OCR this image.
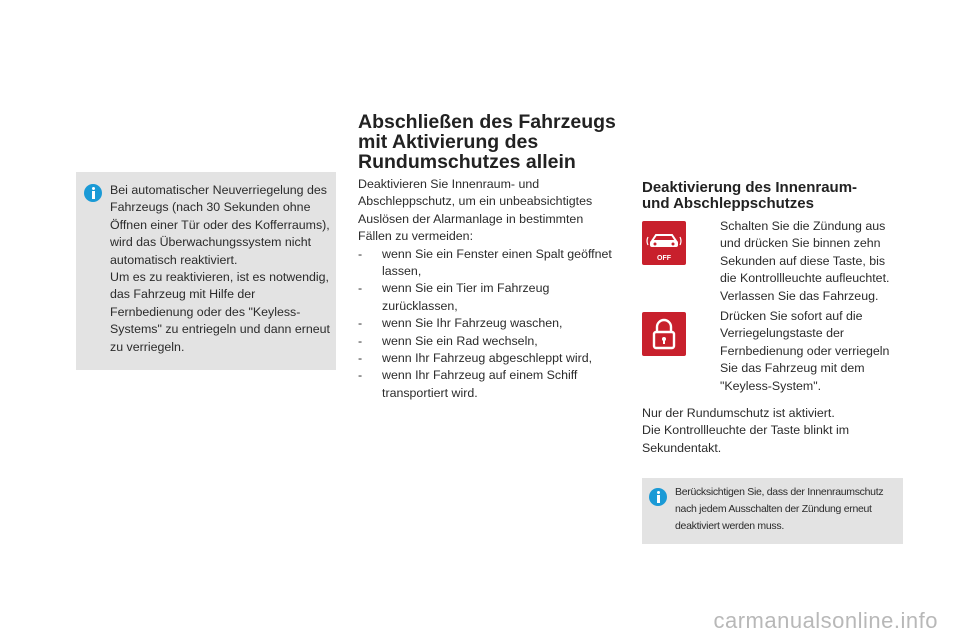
Bei automatischer Neuverriegelung des Fahrzeugs (nach 30 Sekunden ohne Öffnen einer Tür oder des Kofferraums), wird das Überwachungssystem nicht automatisch reaktiviert.
Um es zu reaktivieren, ist es notwendig, das Fahrzeug mit Hilfe der Fernbedienung oder des "Keyless-Systems" zu entriegeln und dann erneut zu verriegeln.
Abschließen des Fahrzeugs
mit Aktivierung des
Rundumschutzes allein
Deaktivieren Sie Innenraum- und Abschleppschutz, um ein unbeabsichtigtes Auslösen der Alarmanlage in bestimmten Fällen zu vermeiden:
- wenn Sie ein Fenster einen Spalt geöffnet lassen,
- wenn Sie ein Tier im Fahrzeug zurücklassen,
- wenn Sie Ihr Fahrzeug waschen,
- wenn Sie ein Rad wechseln,
- wenn Ihr Fahrzeug abgeschleppt wird,
- wenn Ihr Fahrzeug auf einem Schiff transportiert wird.
Deaktivierung des Innenraum-
und Abschleppschutzes
OFF
Schalten Sie die Zündung aus und drücken Sie binnen zehn Sekunden auf diese Taste, bis die Kontrollleuchte aufleuchtet.
Verlassen Sie das Fahrzeug.
Drücken Sie sofort auf die Verriegelungstaste der Fernbedienung oder verriegeln Sie das Fahrzeug mit dem "Keyless-System".
Nur der Rundumschutz ist aktiviert.
Die Kontrollleuchte der Taste blinkt im Sekundentakt.
Berücksichtigen Sie, dass der Innenraumschutz nach jedem Ausschalten der Zündung erneut deaktiviert werden muss.
carmanualsonline.info
